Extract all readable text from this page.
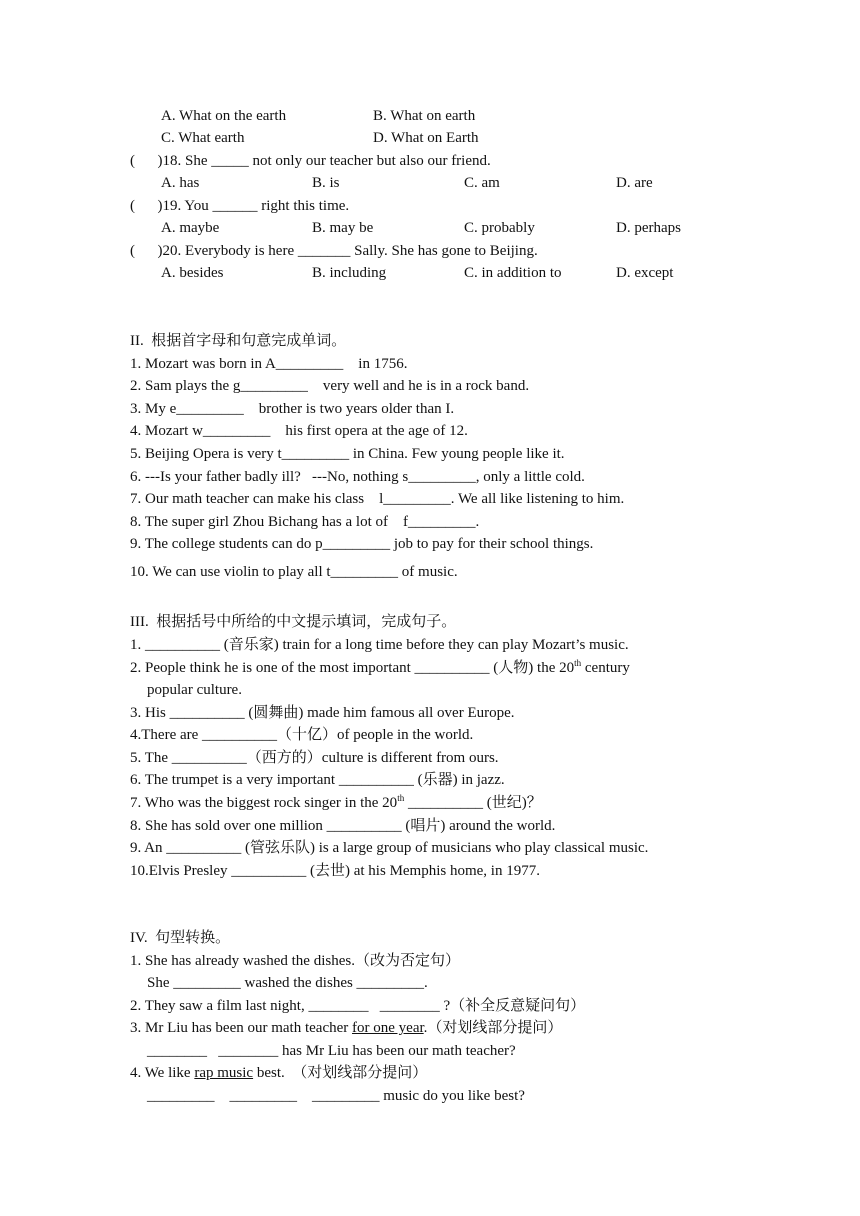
A. What on the earth	B. What on earth
C. What earth	D. What on Earth
(      )18. She _____ not only our teacher but also our friend.
A. has	B. is	C. am	D. are
(      )19. You ______ right this time.
A. maybe	B. may be	C. probably	D. perhaps
(      )20. Everybody is here _______ Sally. She has gone to Beijing.
A. besides	B. including	C. in addition to	D. except
II.  根据首字母和句意完成单词。
1. Mozart was born in A_________    in 1756.
2. Sam plays the g_________    very well and he is in a rock band.
3. My e_________    brother is two years older than I.
4. Mozart w_________    his first opera at the age of 12.
5. Beijing Opera is very t_________ in China. Few young people like it.
6. ---Is your father badly ill?   ---No, nothing s_________, only a little cold.
7. Our math teacher can make his class    l_________. We all like listening to him.
8. The super girl Zhou Bichang has a lot of    f_________.
9. The college students can do p_________ job to pay for their school things.
10. We can use violin to play all t_________ of music.
III.  根据括号中所给的中文提示填词，完成句子。
1. __________ (音乐家) train for a long time before they can play Mozart’s music.
2. People think he is one of the most important __________ (人物) the 20th century
popular culture.
3. His __________ (圆舞曲) made him famous all over Europe.
4.There are __________（十亿）of people in the world.
5. The __________（西方的）culture is different from ours.
6. The trumpet is a very important __________ (乐器) in jazz.
7. Who was the biggest rock singer in the 20th __________ (世纪)？
8. She has sold over one million __________ (唱片) around the world.
9. An __________ (管弦乐队) is a large group of musicians who play classical music.
10.Elvis Presley __________ (去世) at his Memphis home, in 1977.
IV.  句型转换。
1. She has already washed the dishes.（改为否定句）
She _________ washed the dishes _________.
2. They saw a film last night, ________   ________ ?（补全反意疑问句）
3. Mr Liu has been our math teacher for one year.（对划线部分提问）
________   ________ has Mr Liu has been our math teacher?
4. We like rap music best.  （对划线部分提问）
_________    _________    _________ music do you like best?
